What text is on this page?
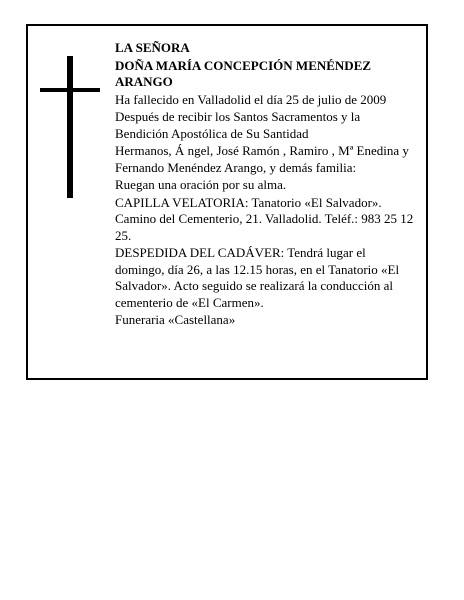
LA SEÑORA

DOÑA MARÍA CONCEPCIÓN MENÉNDEZ ARANGO

Ha fallecido en Valladolid el día 25 de julio de 2009

Después de recibir los Santos Sacramentos y la Bendición Apostólica de Su Santidad

Hermanos, Á ngel, José Ramón , Ramiro , Mª Enedina y Fernando Menéndez Arango, y demás familia:

Ruegan una oración por su alma.

CAPILLA VELATORIA: Tanatorio «El Salvador». Camino del Cementerio, 21. Valladolid. Teléf.: 983 25 12 25.

DESPEDIDA DEL CADÁVER: Tendrá lugar el domingo, día 26, a las 12.15 horas, en el Tanatorio «El Salvador». Acto seguido se realizará la conducción al cementerio de «El Carmen».

Funeraria «Castellana»
